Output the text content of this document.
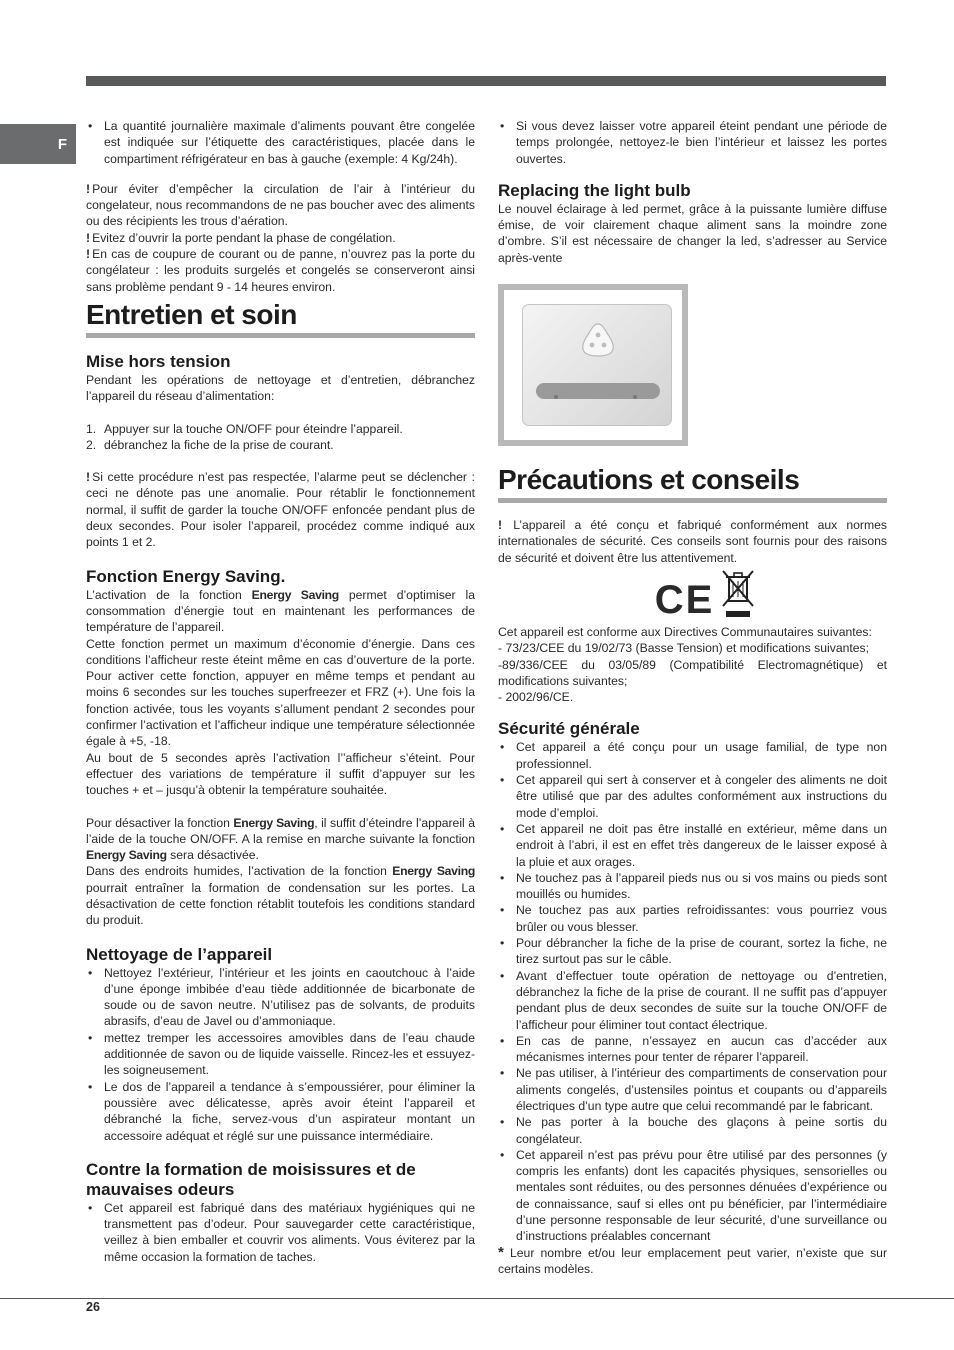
F
• La quantité journalière maximale d’aliments pouvant être congelée est indiquée sur l’étiquette des caractéristiques, placée dans le compartiment réfrigérateur en bas à gauche (exemple: 4 Kg/24h).

! Pour éviter d’empêcher la circulation de l’air à l’intérieur du congelateur, nous recommandons de ne pas boucher avec des aliments ou des récipients les trous d’aération.

! Evitez d’ouvrir la porte pendant la phase de congélation.

! En cas de coupure de courant ou de panne, n’ouvrez pas la porte du congélateur : les produits surgelés et congelés se conserveront ainsi sans problème pendant 9 - 14 heures environ.

Entretien et soin
Mise hors tension

Pendant les opérations de nettoyage et d’entretien, débranchez l’appareil du réseau d’alimentation:

1. Appuyer sur la touche ON/OFF pour éteindre l’appareil.
2. débranchez la fiche de la prise de courant.

! Si cette procédure n’est pas respectée, l’alarme peut se déclencher : ceci ne dénote pas une anomalie. Pour rétablir le fonctionnement normal, il suffit de garder la touche ON/OFF enfoncée pendant plus de deux secondes. Pour isoler l’appareil, procédez comme indiqué aux points 1 et 2.

Fonction Energy Saving.

L’activation de la fonction Energy Saving permet d’optimiser la consommation d’énergie tout en maintenant les performances de température de l’appareil.

Cette fonction permet un maximum d’économie d’énergie. Dans ces conditions l’afficheur reste éteint même en cas d’ouverture de la porte. Pour activer cette fonction, appuyer en même temps et pendant au moins 6 secondes sur les touches superfreezer et FRZ (+). Une fois la fonction activée, tous les voyants s’allument pendant 2 secondes pour confirmer l’activation et l’afficheur indique une température sélectionnée égale à +5, -18.

Au bout de 5 secondes après l’activation l’’afficheur s’éteint. Pour effectuer des variations de température il suffit d’appuyer sur les touches + et – jusqu’à obtenir la température souhaitée.

Pour désactiver la fonction Energy Saving, il suffit d’éteindre l’appareil à l’aide de la touche ON/OFF. A la remise en marche suivante la fonction Energy Saving sera désactivée.

Dans des endroits humides, l’activation de la fonction Energy Saving pourrait entraîner la formation de condensation sur les portes. La désactivation de cette fonction rétablit toutefois les conditions standard du produit.

Nettoyage de l’appareil
• Nettoyez l’extérieur, l’intérieur et les joints en caoutchouc à l’aide d’une éponge imbibée d’eau tiède additionnée de bicarbonate de soude ou de savon neutre. N’utilisez pas de solvants, de produits abrasifs, d’eau de Javel ou d’ammoniaque.
• mettez tremper les accessoires amovibles dans de l’eau chaude additionnée de savon ou de liquide vaisselle. Rincez-les et essuyez-les soigneusement.
• Le dos de l’appareil a tendance à s’empoussiérer, pour éliminer la poussière avec délicatesse, après avoir éteint l’appareil et débranché la fiche, servez-vous d’un aspirateur montant un accessoire adéquat et réglé sur une puissance intermédiaire.
Contre la formation de moisissures et de mauvaises odeurs
• Cet appareil est fabriqué dans des matériaux hygiéniques qui ne transmettent pas d’odeur. Pour sauvegarder cette caractéristique, veillez à bien emballer et couvrir vos aliments. Vous éviterez par la même occasion la formation de taches.
• Si vous devez laisser votre appareil éteint pendant une période de temps prolongée, nettoyez-le bien l’intérieur et laissez les portes ouvertes.
Replacing the light bulb

Le nouvel éclairage à led permet, grâce à la puissante lumière diffuse émise, de voir clairement chaque aliment sans la moindre zone d’ombre. S’il est nécessaire de changer la led, s’adresser au Service après-vente

Précautions et conseils

! L’appareil a été conçu et fabriqué conformément aux normes internationales de sécurité. Ces conseils sont fournis pour des raisons de sécurité et doivent être lus attentivement.

CE

Cet appareil est conforme aux Directives Communautaires suivantes:

- 73/23/CEE du 19/02/73 (Basse Tension) et modifications suivantes;

-89/336/CEE du 03/05/89 (Compatibilité Electromagnétique) et modifications suivantes;

- 2002/96/CE.

Sécurité générale
• Cet appareil a été conçu pour un usage familial, de type non professionnel.
• Cet appareil qui sert à conserver et à congeler des aliments ne doit être utilisé que par des adultes conformément aux instructions du mode d’emploi.
• Cet appareil ne doit pas être installé en extérieur, même dans un endroit à l’abri, il est en effet très dangereux de le laisser exposé à la pluie et aux orages.
• Ne touchez pas à l’appareil pieds nus ou si vos mains ou pieds sont mouillés ou humides.
• Ne touchez pas aux parties refroidissantes: vous pourriez vous brûler ou vous blesser.
• Pour débrancher la fiche de la prise de courant, sortez la fiche, ne tirez surtout pas sur le câble.
• Avant d’effectuer toute opération de nettoyage ou d’entretien, débranchez la fiche de la prise de courant. Il ne suffit pas d’appuyer pendant plus de deux secondes de suite sur la touche ON/OFF de l’afficheur pour éliminer tout contact électrique.
• En cas de panne, n’essayez en aucun cas d’accéder aux mécanismes internes pour tenter de réparer l’appareil.
• Ne pas utiliser, à l’intérieur des compartiments de conservation pour aliments congelés, d’ustensiles pointus et coupants ou d’appareils électriques d’un type autre que celui recommandé par le fabricant.
• Ne pas porter à la bouche des glaçons à peine sortis du congélateur.
• Cet appareil n’est pas prévu pour être utilisé par des personnes (y compris les enfants) dont les capacités physiques, sensorielles ou mentales sont réduites, ou des personnes dénuées d’expérience ou de connaissance, sauf si elles ont pu bénéficier, par l’intermédiaire d’une personne responsable de leur sécurité, d’une surveillance ou d’instructions préalables concernant

* Leur nombre et/ou leur emplacement peut varier, n’existe que sur certains modèles.

26
